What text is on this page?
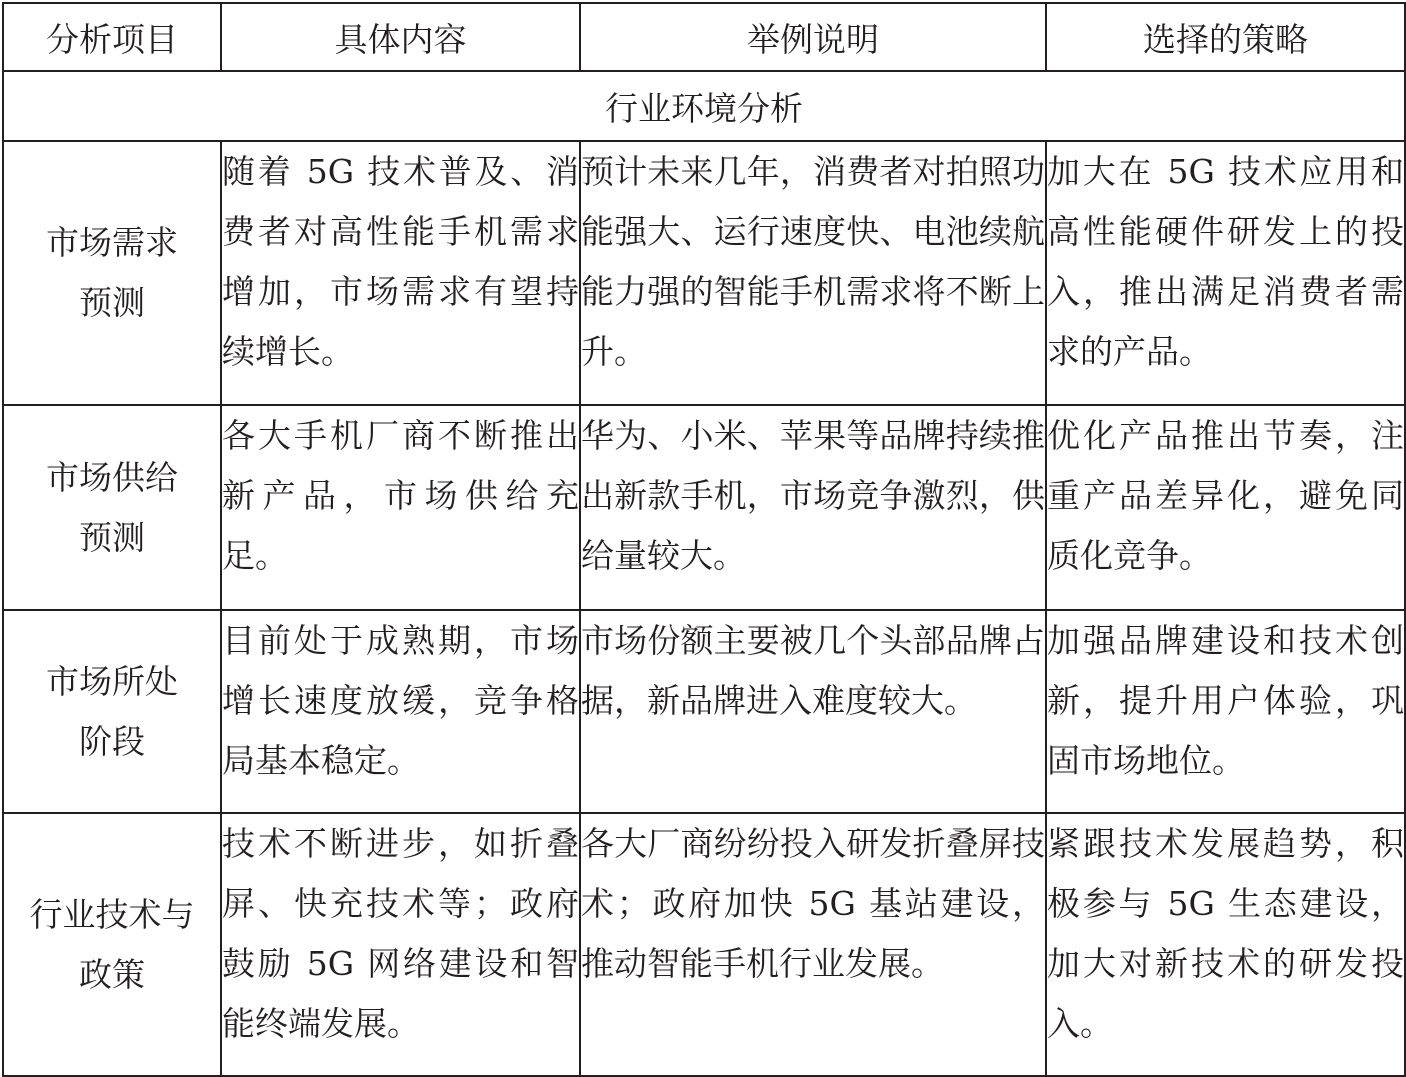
分析项目	具体内容	举例说明	选择的策略
行业环境分析			

市场需求
预测	随着 5G 技术普及、消费者对高性能手机需求增加，市场需求有望持续增长。	预计未来几年，消费者对拍照功能强大、运行速度快、电池续航能力强的智能手机需求将不断上升。	加大在 5G 技术应用和高性能硬件研发上的投入，推出满足消费者需求的产品。

市场供给
预测	各大手机厂商不断推出新产品，市场供给充足。	华为、小米、苹果等品牌持续推出新款手机，市场竞争激烈，供给量较大。	优化产品推出节奏，注重产品差异化，避免同质化竞争。

市场所处
阶段	目前处于成熟期，市场增长速度放缓，竞争格局基本稳定。	市场份额主要被几个头部品牌占据，新品牌进入难度较大。	加强品牌建设和技术创新，提升用户体验，巩固市场地位。

行业技术与
政策	技术不断进步，如折叠屏、快充技术等；政府鼓励 5G 网络建设和智能终端发展。	各大厂商纷纷投入研发折叠屏技术；政府加快 5G 基站建设，推动智能手机行业发展。	紧跟技术发展趋势，积极参与 5G 生态建设，加大对新技术的研发投入。
